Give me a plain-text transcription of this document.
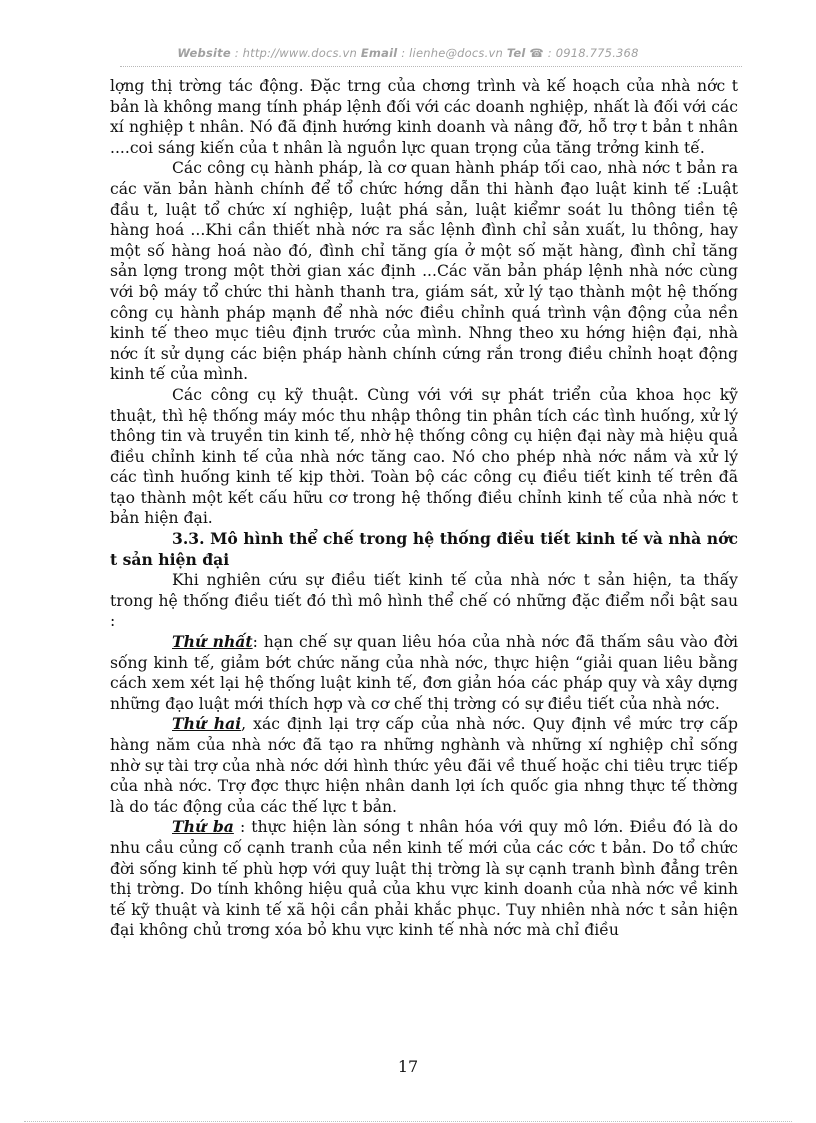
Website : http://www.docs.vn Email : lienhe@docs.vn Tel ☎ : 0918.775.368

lợng thị trờng tác động. Đặc trng của chơng trình và kế hoạch của nhà nớc t bản là không mang tính pháp lệnh đối với các doanh nghiệp, nhất là đối với các xí nghiệp t nhân. Nó đã định hướng kinh doanh và nâng đỡ, hỗ trợ t bản t nhân ....coi sáng kiến của t nhân là nguồn lực quan trọng của tăng trởng kinh tế.

Các công cụ hành pháp, là cơ quan hành pháp tối cao, nhà nớc t bản ra các văn bản hành chính để tổ chức hớng dẫn thi hành đạo luật kinh tế :Luật đầu t, luật tổ chức xí nghiệp, luật phá sản, luật kiểmr soát lu thông tiền tệ hàng hoá ...Khi cần thiết nhà nớc ra sắc lệnh đình chỉ sản xuất, lu thông, hay một số hàng hoá nào đó, đình chỉ tăng gía ở một số mặt hàng, đình chỉ tăng sản lợng trong một thời gian xác định ...Các văn bản pháp lệnh nhà nớc cùng với bộ máy tổ chức thi hành thanh tra, giám sát, xử lý tạo thành một hệ thống công cụ hành pháp mạnh để nhà nớc điều chỉnh quá trình vận động của nền kinh tế theo mục tiêu định trước của mình. Nhng theo xu hớng hiện đại, nhà nớc ít sử dụng các biện pháp hành chính cứng rắn trong điều chỉnh hoạt động kinh tế của mình.

Các công cụ kỹ thuật. Cùng với với sự phát triển của khoa học kỹ thuật, thì hệ thống máy móc thu nhập thông tin phân tích các tình huống, xử lý thông tin và truyền tin kinh tế, nhờ hệ thống công cụ hiện đại này mà hiệu quả điều chỉnh kinh tế của nhà nớc tăng cao. Nó cho phép nhà nớc nắm và xử lý các tình huống kinh tế kịp thời. Toàn bộ các công cụ điều tiết kinh tế trên đã tạo thành một kết cấu hữu cơ trong hệ thống điều chỉnh kinh tế của nhà nớc t bản hiện đại.

3.3. Mô hình thể chế trong hệ thống điều tiết kinh tế và nhà nớc t sản hiện đại

Khi nghiên cứu sự điều tiết kinh tế của nhà nớc t sản hiện, ta thấy trong hệ thống điều tiết đó thì mô hình thể chế có những đặc điểm nổi bật sau :

Thứ nhất: hạn chế sự quan liêu hóa của nhà nớc đã thấm sâu vào đời sống kinh tế, giảm bớt chức năng của nhà nớc, thực hiện “giải quan liêu bằng cách xem xét lại hệ thống luật kinh tế, đơn giản hóa các pháp quy và xây dựng những đạo luật mới thích hợp và cơ chế thị trờng có sự điều tiết của nhà nớc.

Thứ hai, xác định lại trợ cấp của nhà nớc. Quy định về mức trợ cấp hàng năm của nhà nớc đã tạo ra những nghành và những xí nghiệp chỉ sống nhờ sự tài trợ của nhà nớc dới hình thức yêu đãi về thuế hoặc chi tiêu trực tiếp của nhà nớc. Trợ đợc thực hiện nhân danh lợi ích quốc gia nhng thực tế thờng là do tác động của các thế lực t bản.

Thứ ba : thực hiện làn sóng t nhân hóa với quy mô lớn. Điều đó là do nhu cầu củng cố cạnh tranh của nền kinh tế mới của các cớc t bản. Do tổ chức đời sống kinh tế phù hợp với quy luật thị trờng là sự cạnh tranh bình đẳng trên thị trờng. Do tính không hiệu quả của khu vực kinh doanh của nhà nớc về kinh tế kỹ thuật và kinh tế xã hội cần phải khắc phục. Tuy nhiên nhà nớc t sản hiện đại không chủ trơng xóa bỏ khu vực kinh tế nhà nớc mà chỉ điều

17
